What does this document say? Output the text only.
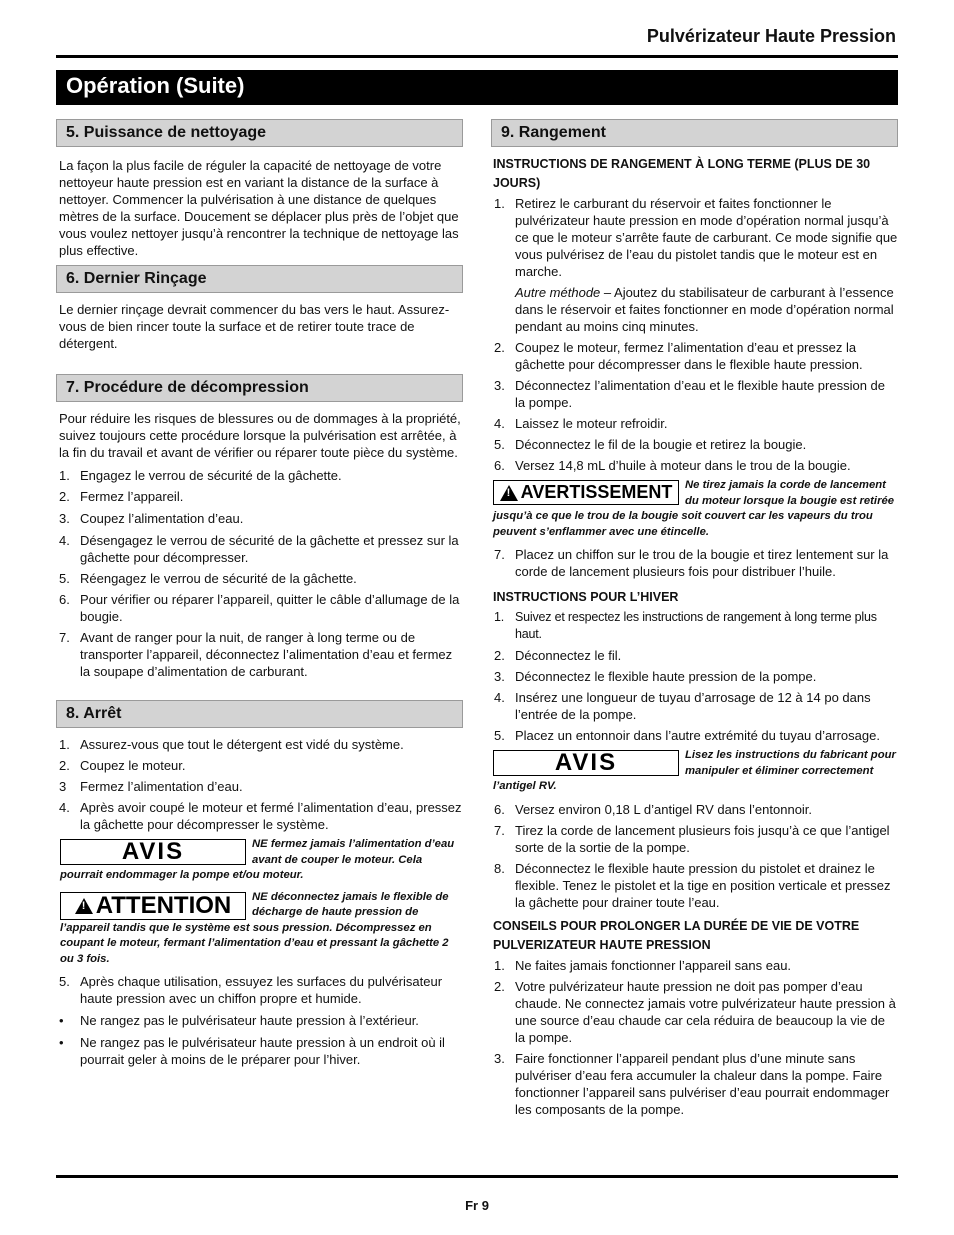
Pulvérizateur Haute Pression
Opération (Suite)
5. Puissance de nettoyage
La façon la plus facile de réguler la capacité de nettoyage de votre nettoyeur haute pression est en variant la distance de la surface à nettoyer. Commencer la pulvérisation à une distance de quelques mètres de la surface. Doucement se déplacer plus près de l’objet que vous voulez nettoyer jusqu’à rencontrer la technique de nettoyage las plus effective.
6. Dernier Rinçage
Le dernier rinçage devrait commencer du bas vers le haut. Assurez-vous de bien rincer toute la surface et de retirer toute trace de détergent.
7. Procédure de décompression
Pour réduire les risques de blessures ou de dommages à la propriété, suivez toujours cette procédure lorsque la pulvérisation est arrêtée, à la fin du travail et avant de vérifier ou réparer toute pièce du système.
1. Engagez le verrou de sécurité de la gâchette.
2. Fermez l’appareil.
3. Coupez l’alimentation d’eau.
4. Désengagez le verrou de sécurité de la gâchette et pressez sur la gâchette pour décompresser.
5. Réengagez le verrou de sécurité de la gâchette.
6. Pour vérifier ou réparer l’appareil, quitter le câble d’allumage de la bougie.
7. Avant de ranger pour la nuit, de ranger à long terme ou de transporter l’appareil, déconnectez l’alimentation d’eau et fermez la soupape d’alimentation de carburant.
8. Arrêt
1. Assurez-vous que tout le détergent est vidé du système.
2. Coupez le moteur.
3 Fermez l’alimentation d’eau.
4. Après avoir coupé le moteur et fermé l’alimentation d’eau, pressez la gâchette pour décompresser le système.
AVIS	NE fermez jamais l’alimentation d’eau avant de couper le moteur. Cela pourrait endommager la pompe et/ou moteur.
!
ATTENTION NE déconnectez jamais le flexible de décharge de haute pression de l’appareil tandis que le système est sous pression. Décompressez en coupant le moteur, fermant l’alimentation d’eau et pressant la gâchette 2 ou 3 fois.
5. Après chaque utilisation, essuyez les surfaces du pulvérisateur haute pression avec un chiffon propre et humide.
• Ne rangez pas le pulvérisateur haute pression à l’extérieur.
• Ne rangez pas le pulvérisateur haute pression à un endroit où il pourrait geler à moins de le préparer pour l’hiver.
9. Rangement
INSTRUCTIONS DE RANGEMENT À LONG TERME (PLUS DE 30 JOURS)
1. Retirez le carburant du réservoir et faites fonctionner le pulvérizateur haute pression en mode d’opération normal jusqu’à ce que le moteur s’arrête faute de carburant. Ce mode signifie que vous pulvérisez de l’eau du pistolet tandis que le moteur est en marche.
Autre méthode – Ajoutez du stabilisateur de carburant à l’essence dans le réservoir et faites fonctionner en mode d’opération normal pendant au moins cinq minutes.
2. Coupez le moteur, fermez l’alimentation d’eau et pressez la gâchette pour décompresser dans le flexible haute pression.
3. Déconnectez l’alimentation d’eau et le flexible haute pression de la pompe.
4. Laissez le moteur refroidir.
5. Déconnectez le fil de la bougie et retirez la bougie.
6. Versez 14,8 mL d’huile à moteur dans le trou de la bougie.
!
AVERTISSEMENT Ne tirez jamais la corde de lancement du moteur lorsque la bougie est retirée jusqu’à ce que le trou de la bougie soit couvert car les vapeurs du trou peuvent s’enflammer avec une étincelle.
7. Placez un chiffon sur le trou de la bougie et tirez lentement sur la corde de lancement plusieurs fois pour distribuer l’huile.
INSTRUCTIONS POUR L’HIVER
1. Suivez et respectez les instructions de rangement à long terme plus haut.
2. Déconnectez le fil.
3. Déconnectez le flexible haute pression de la pompe.
4. Insérez une longueur de tuyau d’arrosage de 12 à 14 po dans l’entrée de la pompe.
5. Placez un entonnoir dans l’autre extrémité du tuyau d’arrosage.
AVIS	Lisez les instructions du fabricant pour manipuler et éliminer correctement l’antigel RV.
6. Versez environ 0,18 L d’antigel RV dans l’entonnoir.
7. Tirez la corde de lancement plusieurs fois jusqu’à ce que l’antigel sorte de la sortie de la pompe.
8. Déconnectez le flexible haute pression du pistolet et drainez le flexible. Tenez le pistolet et la tige en position verticale et pressez la gâchette pour drainer toute l’eau.
CONSEILS POUR PROLONGER LA DURÉE DE VIE DE VOTRE PULVERIZATEUR HAUTE PRESSION
1. Ne faites jamais fonctionner l’appareil sans eau.
2. Votre pulvérizateur haute pression ne doit pas pomper d’eau chaude. Ne connectez jamais votre pulvérizateur haute pression à une source d’eau chaude car cela réduira de beaucoup la vie de la pompe.
3. Faire fonctionner l’appareil pendant plus d’une minute sans pulvériser d’eau fera accumuler la chaleur dans la pompe. Faire fonctionner l’appareil sans pulvériser d’eau pourrait endommager les composants de la pompe.
Fr 9
